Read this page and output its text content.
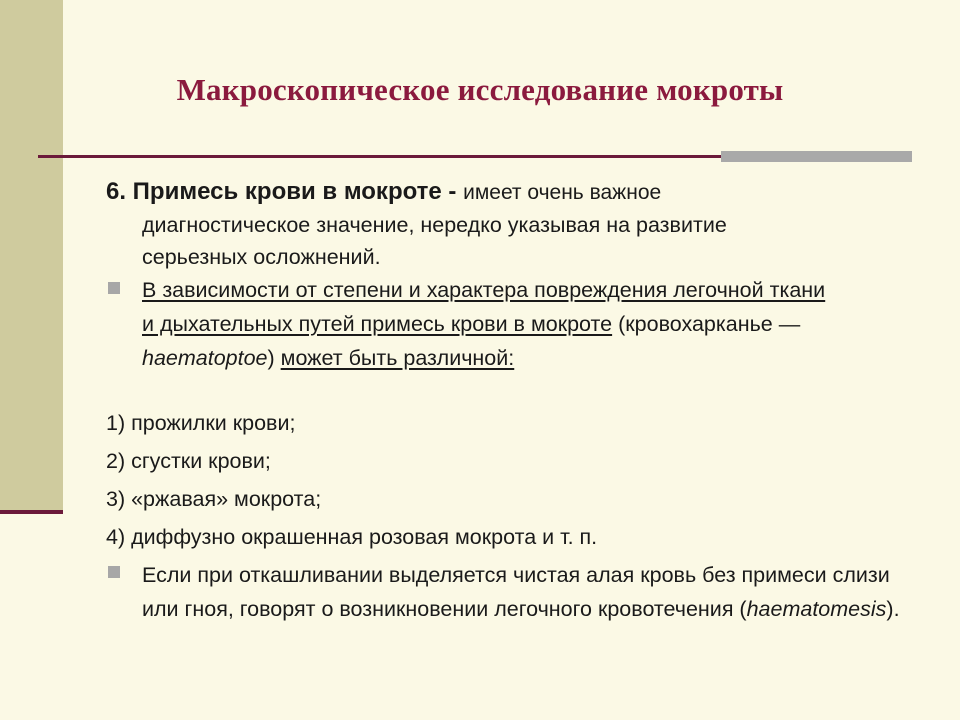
Макроскопическое исследование мокроты
6. Примесь крови в мокроте - имеет очень важное
диагностическое значение, нередко указывая на развитие
серьезных осложнений.
В зависимости от степени и характера повреждения легочной ткани и дыхательных путей примесь крови в мокроте (кровохарканье — haematoptoe) может быть различной:
1) прожилки крови;
2) сгустки крови;
3) «ржавая» мокрота;
4) диффузно окрашенная розовая мокрота и т. п.
Если при откашливании выделяется чистая алая кровь без примеси слизи или гноя, говорят о возникновении легочного кровотечения (haematomesis).
